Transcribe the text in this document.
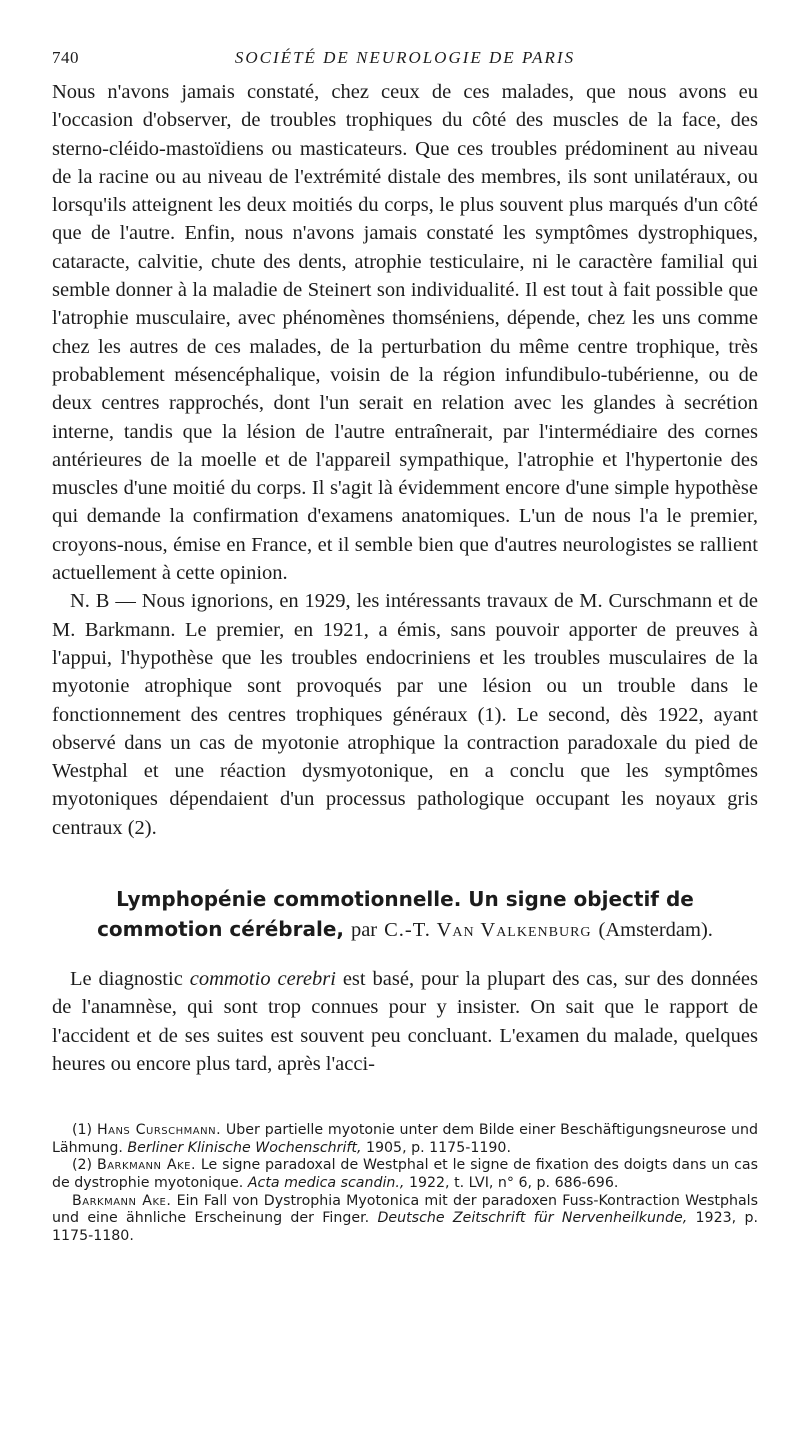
740	SOCIÉTÉ DE NEUROLOGIE DE PARIS

Nous n'avons jamais constaté, chez ceux de ces malades, que nous avons eu l'occasion d'observer, de troubles trophiques du côté des muscles de la face, des sterno-cléido-mastoïdiens ou masticateurs. Que ces troubles prédominent au niveau de la racine ou au niveau de l'extrémité distale des membres, ils sont unilatéraux, ou lorsqu'ils atteignent les deux moitiés du corps, le plus souvent plus marqués d'un côté que de l'autre. Enfin, nous n'avons jamais constaté les symptômes dystrophiques, cataracte, calvitie, chute des dents, atrophie testiculaire, ni le caractère familial qui semble donner à la maladie de Steinert son individualité. Il est tout à fait possible que l'atrophie musculaire, avec phénomènes thomséniens, dépende, chez les uns comme chez les autres de ces malades, de la perturbation du même centre trophique, très probablement mésencéphalique, voisin de la région infundibulo-tubérienne, ou de deux centres rapprochés, dont l'un serait en relation avec les glandes à secrétion interne, tandis que la lésion de l'autre entraînerait, par l'intermédiaire des cornes antérieures de la moelle et de l'appareil sympathique, l'atrophie et l'hypertonie des muscles d'une moitié du corps. Il s'agit là évidemment encore d'une simple hypothèse qui demande la confirmation d'examens anatomiques. L'un de nous l'a le premier, croyons-nous, émise en France, et il semble bien que d'autres neurologistes se rallient actuellement à cette opinion.

N. B — Nous ignorions, en 1929, les intéressants travaux de M. Curschmann et de M. Barkmann. Le premier, en 1921, a émis, sans pouvoir apporter de preuves à l'appui, l'hypothèse que les troubles endocriniens et les troubles musculaires de la myotonie atrophique sont provoqués par une lésion ou un trouble dans le fonctionnement des centres trophiques généraux (1). Le second, dès 1922, ayant observé dans un cas de myotonie atrophique la contraction paradoxale du pied de Westphal et une réaction dysmyotonique, en a conclu que les symptômes myotoniques dépendaient d'un processus pathologique occupant les noyaux gris centraux (2).

Lymphopénie commotionnelle. Un signe objectif de commotion cérébrale, par C.-T. Van Valkenburg (Amsterdam).

Le diagnostic commotio cerebri est basé, pour la plupart des cas, sur des données de l'anamnèse, qui sont trop connues pour y insister. On sait que le rapport de l'accident et de ses suites est souvent peu concluant. L'examen du malade, quelques heures ou encore plus tard, après l'acci-

(1) Hans Curschmann. Uber partielle myotonie unter dem Bilde einer Beschäftigungsneurose und Lähmung. Berliner Klinische Wochenschrift, 1905, p. 1175-1190.

(2) Barkmann Ake. Le signe paradoxal de Westphal et le signe de fixation des doigts dans un cas de dystrophie myotonique. Acta medica scandin., 1922, t. LVI, n° 6, p. 686-696.

Barkmann Ake. Ein Fall von Dystrophia Myotonica mit der paradoxen Fuss-Kontraction Westphals und eine ähnliche Erscheinung der Finger. Deutsche Zeitschrift für Nervenheilkunde, 1923, p. 1175-1180.
